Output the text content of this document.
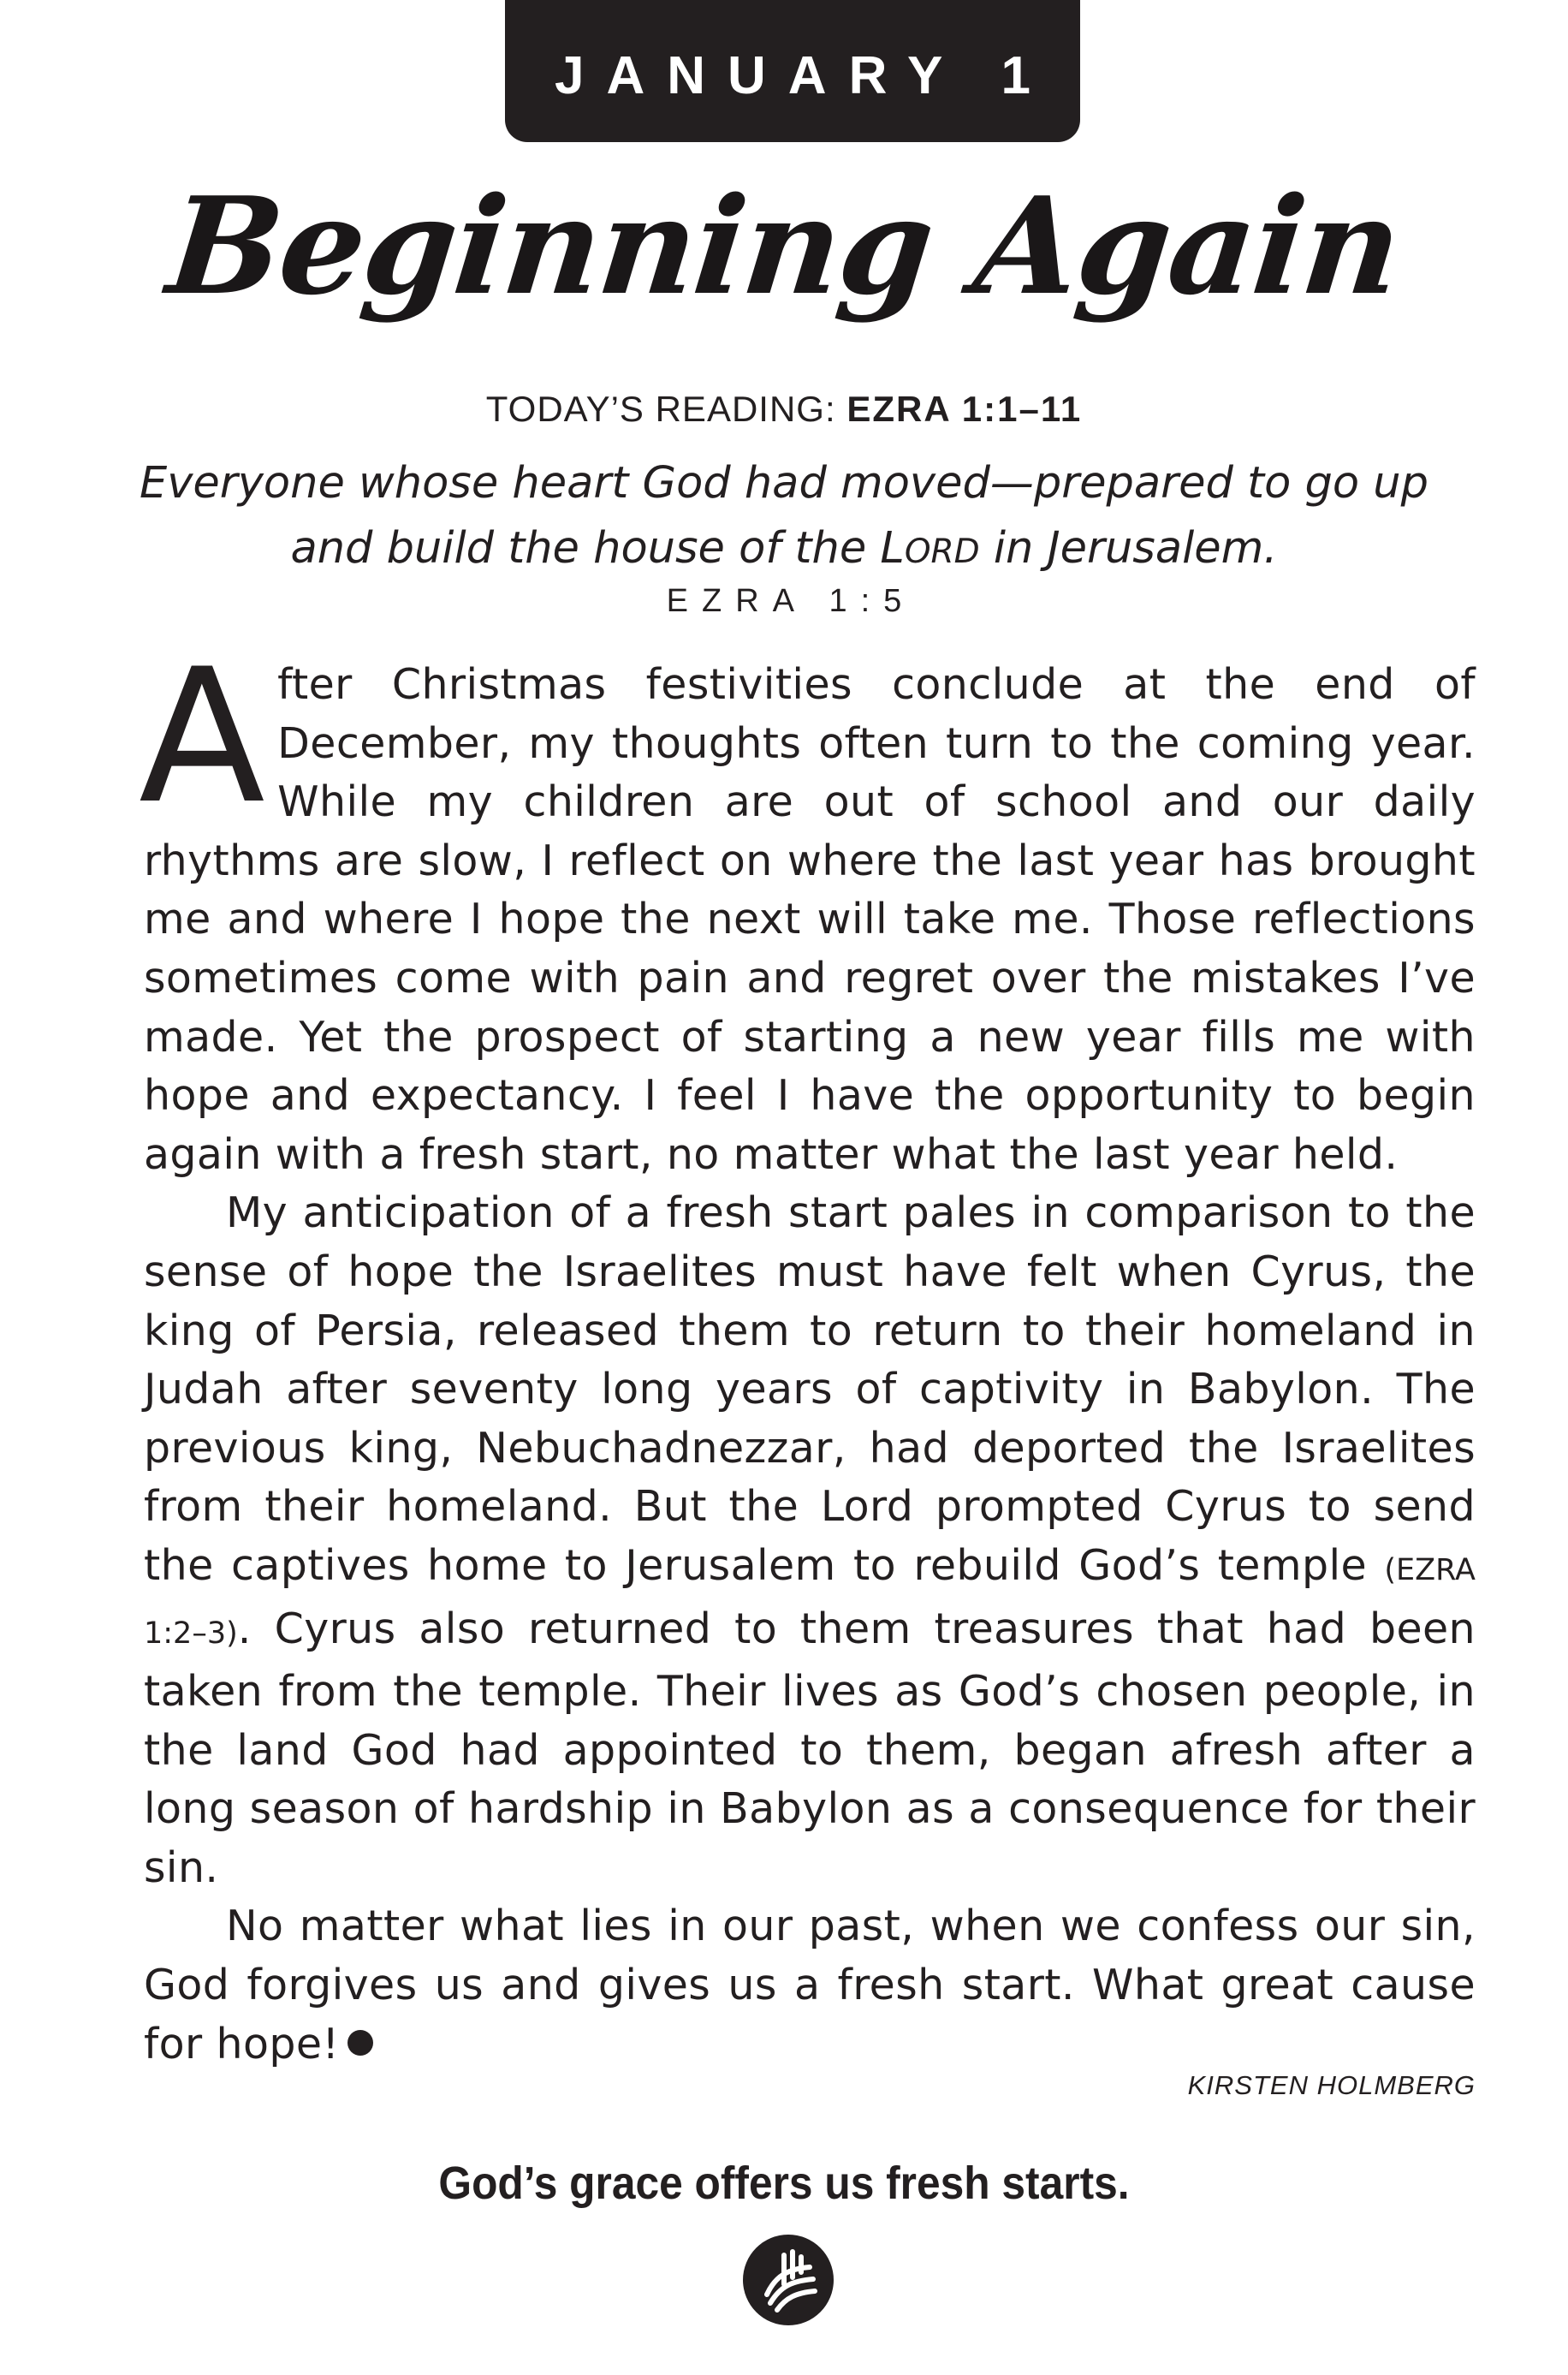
JANUARY 1
Beginning Again
TODAY’S READING: EZRA 1:1–11
Everyone whose heart God had moved—prepared to go up and build the house of the LORD in Jerusalem.
EZRA 1:5

After Christmas festivities conclude at the end of December, my thoughts often turn to the coming year. While my children are out of school and our daily rhythms are slow, I reflect on where the last year has brought me and where I hope the next will take me. Those reflections sometimes come with pain and regret over the mistakes I’ve made. Yet the prospect of starting a new year fills me with hope and expectancy. I feel I have the opportunity to begin again with a fresh start, no matter what the last year held.

My anticipation of a fresh start pales in comparison to the sense of hope the Israelites must have felt when Cyrus, the king of Persia, released them to return to their homeland in Judah after seventy long years of captivity in Babylon. The previous king, Nebuchadnezzar, had deported the Israelites from their homeland. But the Lord prompted Cyrus to send the captives home to Jerusalem to rebuild God’s temple (EZRA 1:2–3). Cyrus also returned to them treasures that had been taken from the temple. Their lives as God’s chosen people, in the land God had appointed to them, began afresh after a long season of hardship in Babylon as a consequence for their sin.

No matter what lies in our past, when we confess our sin, God forgives us and gives us a fresh start. What great cause for hope!

KIRSTEN HOLMBERG
God’s grace offers us fresh starts.
